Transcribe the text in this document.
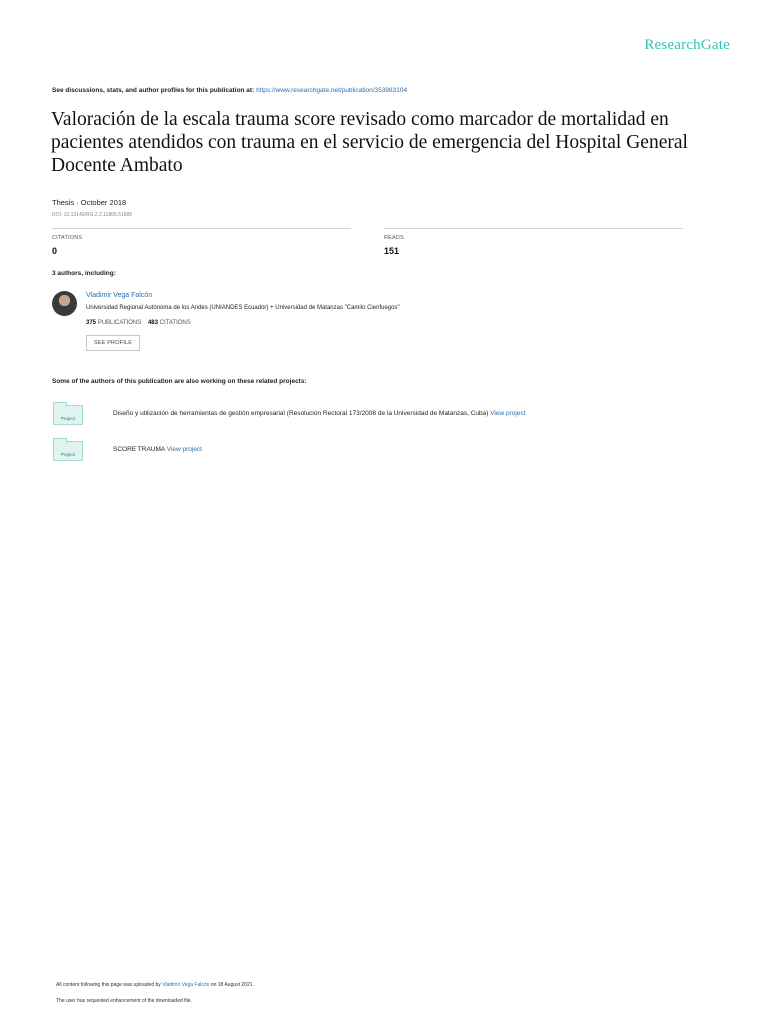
ResearchGate
See discussions, stats, and author profiles for this publication at: https://www.researchgate.net/publication/353983104
Valoración de la escala trauma score revisado como marcador de mortalidad en pacientes atendidos con trauma en el servicio de emergencia del Hospital General Docente Ambato
Thesis · October 2018
DOI: 10.13140/RG.2.2.11805.51689
CITATIONS
0
READS
151
3 authors, including:
Vladimir Vega Falcón
Universidad Regional Autónoma de los Andes (UNIANDES Ecuador) + Universidad de Matanzas "Camilo Cienfuegos"
375 PUBLICATIONS 483 CITATIONS
SEE PROFILE
Some of the authors of this publication are also working on these related projects:
Project
Diseño y utilización de herramientas de gestión empresarial (Resolución Rectoral 173/2008 de la Universidad de Matanzas, Cuba) View project
Project
SCORE TRAUMA View project
All content following this page was uploaded by Vladimir Vega Falcón on 18 August 2021.
The user has requested enhancement of the downloaded file.
